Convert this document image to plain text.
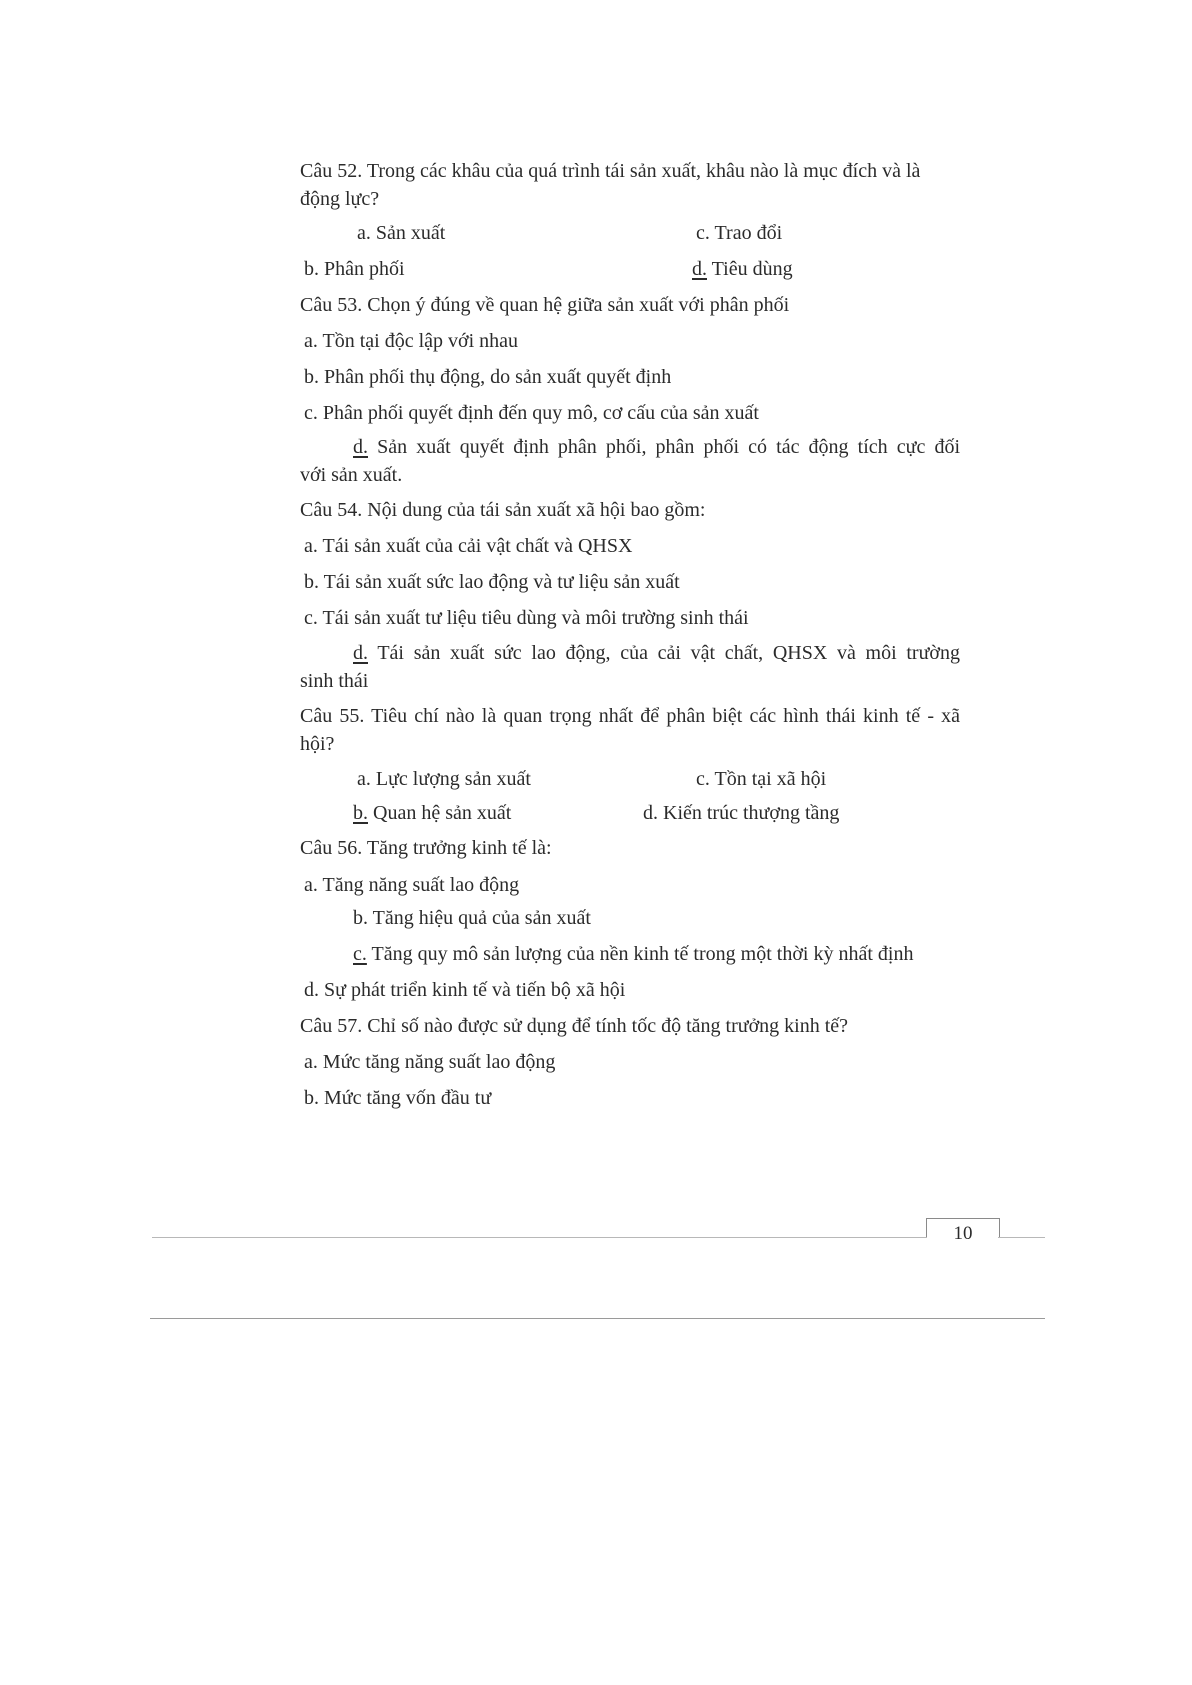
Câu 52. Trong các khâu của quá trình tái sản xuất, khâu nào là mục đích và là
động lực?
a. Sản xuất	c. Trao đổi
b. Phân phối	d. Tiêu dùng
Câu 53. Chọn ý đúng về quan hệ giữa sản xuất với phân phối
a. Tồn tại độc lập với nhau
b. Phân phối thụ động, do sản xuất quyết định
c. Phân phối quyết định đến quy mô, cơ cấu của sản xuất
d. Sản xuất quyết định phân phối, phân phối có tác động tích cực đối
với sản xuất.
Câu 54. Nội dung của tái sản xuất xã hội bao gồm:
a. Tái sản xuất của cải vật chất và QHSX
b. Tái sản xuất sức lao động và tư liệu sản xuất
c. Tái sản xuất tư liệu tiêu dùng và môi trường sinh thái
d. Tái sản xuất sức lao động, của cải vật chất, QHSX và môi trường
sinh thái
Câu 55. Tiêu chí nào là quan trọng nhất để phân biệt các hình thái kinh tế - xã
hội?
a. Lực lượng sản xuất	c. Tồn tại xã hội
b. Quan hệ sản xuất	d. Kiến trúc thượng tầng
Câu 56. Tăng trưởng kinh tế là:
a. Tăng năng suất lao động
b. Tăng hiệu quả của sản xuất
c. Tăng quy mô sản lượng của nền kinh tế trong một thời kỳ nhất định
d. Sự phát triển kinh tế và tiến bộ xã hội
Câu 57. Chỉ số nào được sử dụng để tính tốc độ tăng trưởng kinh tế?
a. Mức tăng năng suất lao động
b. Mức tăng vốn đầu tư
10
